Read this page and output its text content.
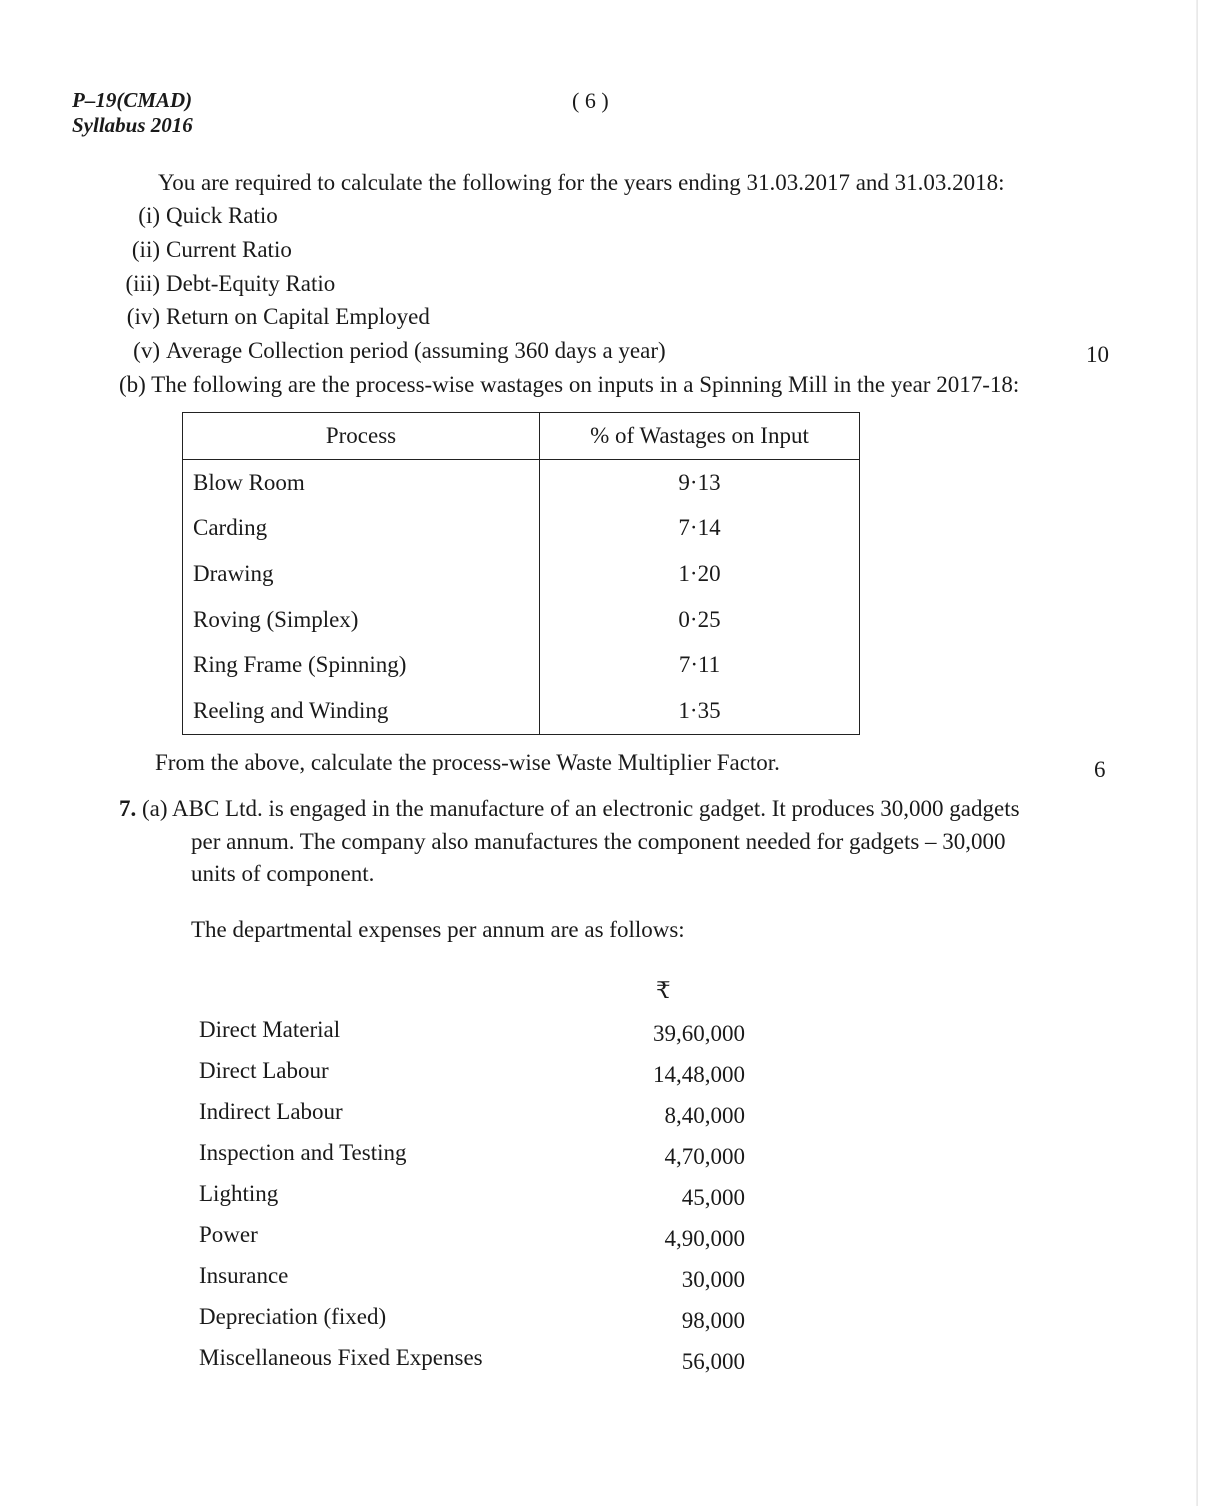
P–19(CMAD)
Syllabus 2016
( 6 )
You are required to calculate the following for the years ending 31.03.2017 and 31.03.2018:
(i) Quick Ratio
(ii) Current Ratio
(iii) Debt-Equity Ratio
(iv) Return on Capital Employed
(v) Average Collection period (assuming 360 days a year)	10
(b) The following are the process-wise wastages on inputs in a Spinning Mill in the year 2017-18:
Process	% of Wastages on Input
Blow Room	9·13
Carding	7·14
Drawing	1·20
Roving (Simplex)	0·25
Ring Frame (Spinning)	7·11
Reeling and Winding	1·35
From the above, calculate the process-wise Waste Multiplier Factor.	6
7. (a) ABC Ltd. is engaged in the manufacture of an electronic gadget. It produces 30,000 gadgets
per annum. The company also manufactures the component needed for gadgets – 30,000
units of component.
The departmental expenses per annum are as follows:
₹
Direct Material	39,60,000
Direct Labour	14,48,000
Indirect Labour	8,40,000
Inspection and Testing	4,70,000
Lighting	45,000
Power	4,90,000
Insurance	30,000
Depreciation (fixed)	98,000
Miscellaneous Fixed Expenses	56,000
